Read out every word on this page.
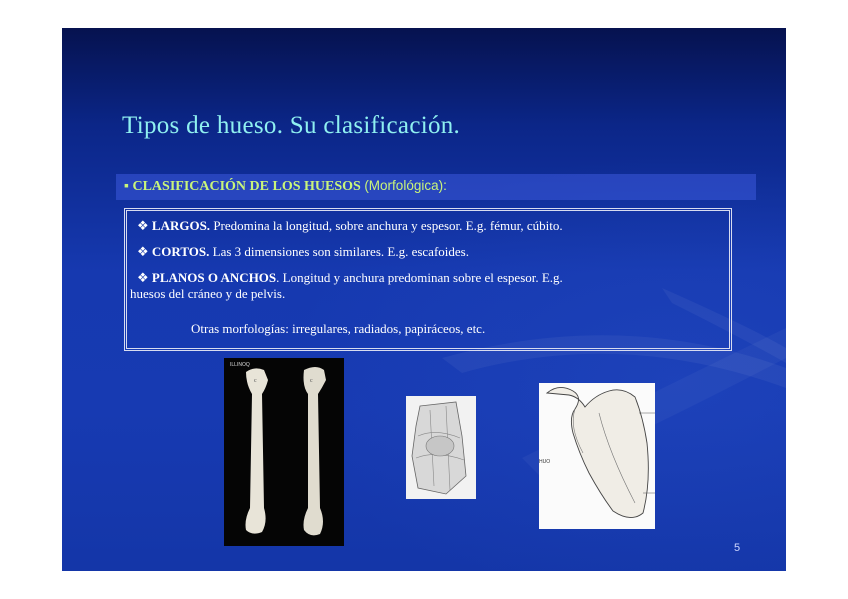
Tipos de hueso. Su clasificación.
▪ CLASIFICACIÓN DE LOS HUESOS (Morfológica):
❖ LARGOS. Predomina la longitud, sobre anchura y espesor. E.g. fémur, cúbito.
❖ CORTOS. Las 3 dimensiones son similares. E.g. escafoides.
❖ PLANOS O ANCHOS. Longitud y anchura predominan sobre el espesor. E.g.
huesos del cráneo y de pelvis.
Otras morfologías: irregulares, radiados, papiráceos, etc.
ILLINOQ
c	c
HUO
5
